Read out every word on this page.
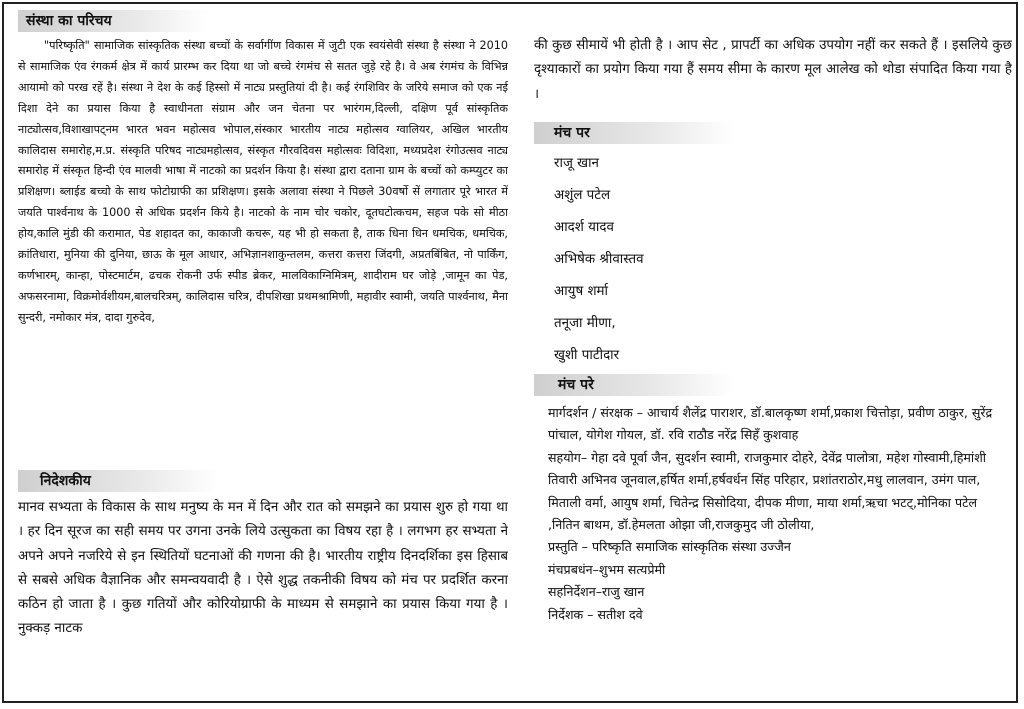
संस्था का परिचय

"परिष्कृति" सामाजिक सांस्कृतिक संस्था बच्चों के सर्वागींण विकास में जुटी एक स्वयंसेवी संस्था है संस्था ने 2010 से सामाजिक एंव रंगकर्म क्षेत्र में कार्य प्रारम्भ कर दिया था जो बच्चे रंगमंच से सतत जुड़े रहे है। वे अब रंगमंच के विभिन्न आयामो को परख रहें है। संस्था ने देश के कई हिस्सो में नाट्य प्रस्तुतियां दी है। कई रंगशिविर के जरिये समाज को एक नई दिशा देने का प्रयास किया है स्वाधीनता संग्राम और जन चेतना पर भारंगम,दिल्ली, दक्षिण पूर्व सांस्कृतिक नाट्योत्सव,विशाखापट्नम भारत भवन महोत्सव भोपाल,संस्कार भारतीय नाट्य महोत्सव ग्वालियर, अखिल भारतीय कालिदास समारोह,म.प्र. संस्कृति परिषद नाट्यमहोत्सव, संस्कृत गौरवदिवस महोत्सवः विदिशा, मध्यप्रदेश रंगोउत्सव नाट्य समारोह में संस्कृत हिन्दी एंव मालवी भाषा में नाटको का प्रदर्शन किया है। संस्था द्वारा दताना ग्राम के बच्चों को कम्प्युटर का प्रशिक्षण। ब्लाईड बच्चो के साथ फोटोग्राफी का प्रशिक्षण। इसके अलावा संस्था ने पिछले 30वर्षो सें लगातार पूरे भारत में जयति पार्श्वनाथ के 1000 से अधिक प्रदर्शन किये है। नाटको के नाम चोर चकोर, दूतघटोत्कचम, सहज पके सो मीठा होय,कालि मुंडी की करामात, पेड शहादत का, काकाजी कचरू, यह भी हो सकता है, ताक धिना धिन धमचिक, धमचिक, क्रांतिधारा, मुनिया की दुनिया, छाऊ के मूल आधार, अभिज्ञानशाकुन्तलम, कत्तरा कत्तरा जिंदगी, अप्रतबिंबित, नो पार्किंग, कर्णभारम्, कान्हा, पोस्टमार्टम, ढचक रोकनी उर्फ स्पीड ब्रेकर, मालविकाग्निमित्रम्, शादीराम घर जोड़े ,जामून का पेड, अफसरनामा, विक्रमोर्वशीयम,बालचरित्रम्, कालिदास चरित्र, दीपशिखा प्रथमश्रामिणी, महावीर स्वामी, जयति पार्श्वनाथ, मैना सुन्दरी, नमोकार मंत्र, दादा गुरुदेव,

निदेशकीय

मानव सभ्यता के विकास के साथ मनुष्य के मन में दिन और रात को समझने का प्रयास शुरु हो गया था । हर दिन सूरज का सही समय पर उगना उनके लिये उत्सुकता का विषय रहा है । लगभग हर सभ्यता ने अपने अपने नजरिये से इन स्थितियों घटनाओं की गणना की है। भारतीय राष्ट्रीय दिनदर्शिका इस हिसाब से सबसे अधिक वैज्ञानिक और समन्वयवादी है । ऐसे शुद्ध तकनीकी विषय को मंच पर प्रदर्शित करना कठिन हो जाता है । कुछ गतियों और कोरियोग्राफी के माध्यम से समझाने का प्रयास किया गया है । नुक्कड़ नाटक

की कुछ सीमायें भी होती है । आप सेट , प्रापर्टी का अधिक उपयोग नहीं कर सकते हैं । इसलिये कुछ दृश्याकारों का प्रयोग किया गया हैं समय सीमा के कारण मूल आलेख को थोडा संपादित किया गया है ।

मंच पर
राजू खान
अशुंल पटेल
आदर्श यादव
अभिषेक श्रीवास्तव
आयुष शर्मा
तनूजा मीणा,
खुशी पाटीदार
मंच परे
मार्गदर्शन / संरक्षक – आचार्य शैलेंद्र पाराशर, डॉ.बालकृष्ण शर्मा,प्रकाश चित्तोड़ा, प्रवीण ठाकुर, सुरेंद्र पांचाल, योगेश गोयल, डॉ. रवि राठौड नरेंद्र सिहँ कुशवाह
सहयोग– गेहा दवे पूर्वा जैन, सुदर्शन स्वामी, राजकुमार दोहरे, देवेंद्र पालोत्रा, महेश गोस्वामी,हिमांशी तिवारी अभिनव जूनवाल,हर्षित शर्मा,हर्षवर्धन सिंह परिहार, प्रशांतराठोर,मधु लालवान, उमंग पाल, मिताली वर्मा, आयुष शर्मा, चितेन्द्र सिसोदिया, दीपक मीणा, माया शर्मा,ऋचा भटट्,मोनिका पटेल ,नितिन बाथम, डॉ.हेमलता ओझा जी,राजकुमुद जी ठोलीया,
प्रस्तुति – परिष्कृति समाजिक सांस्कृतिक संस्था उज्जैन
मंचप्रबधंन–शुभम सत्यप्रेमी
सहनिर्देशन–राजु खान
निर्देशक – सतीश दवे
